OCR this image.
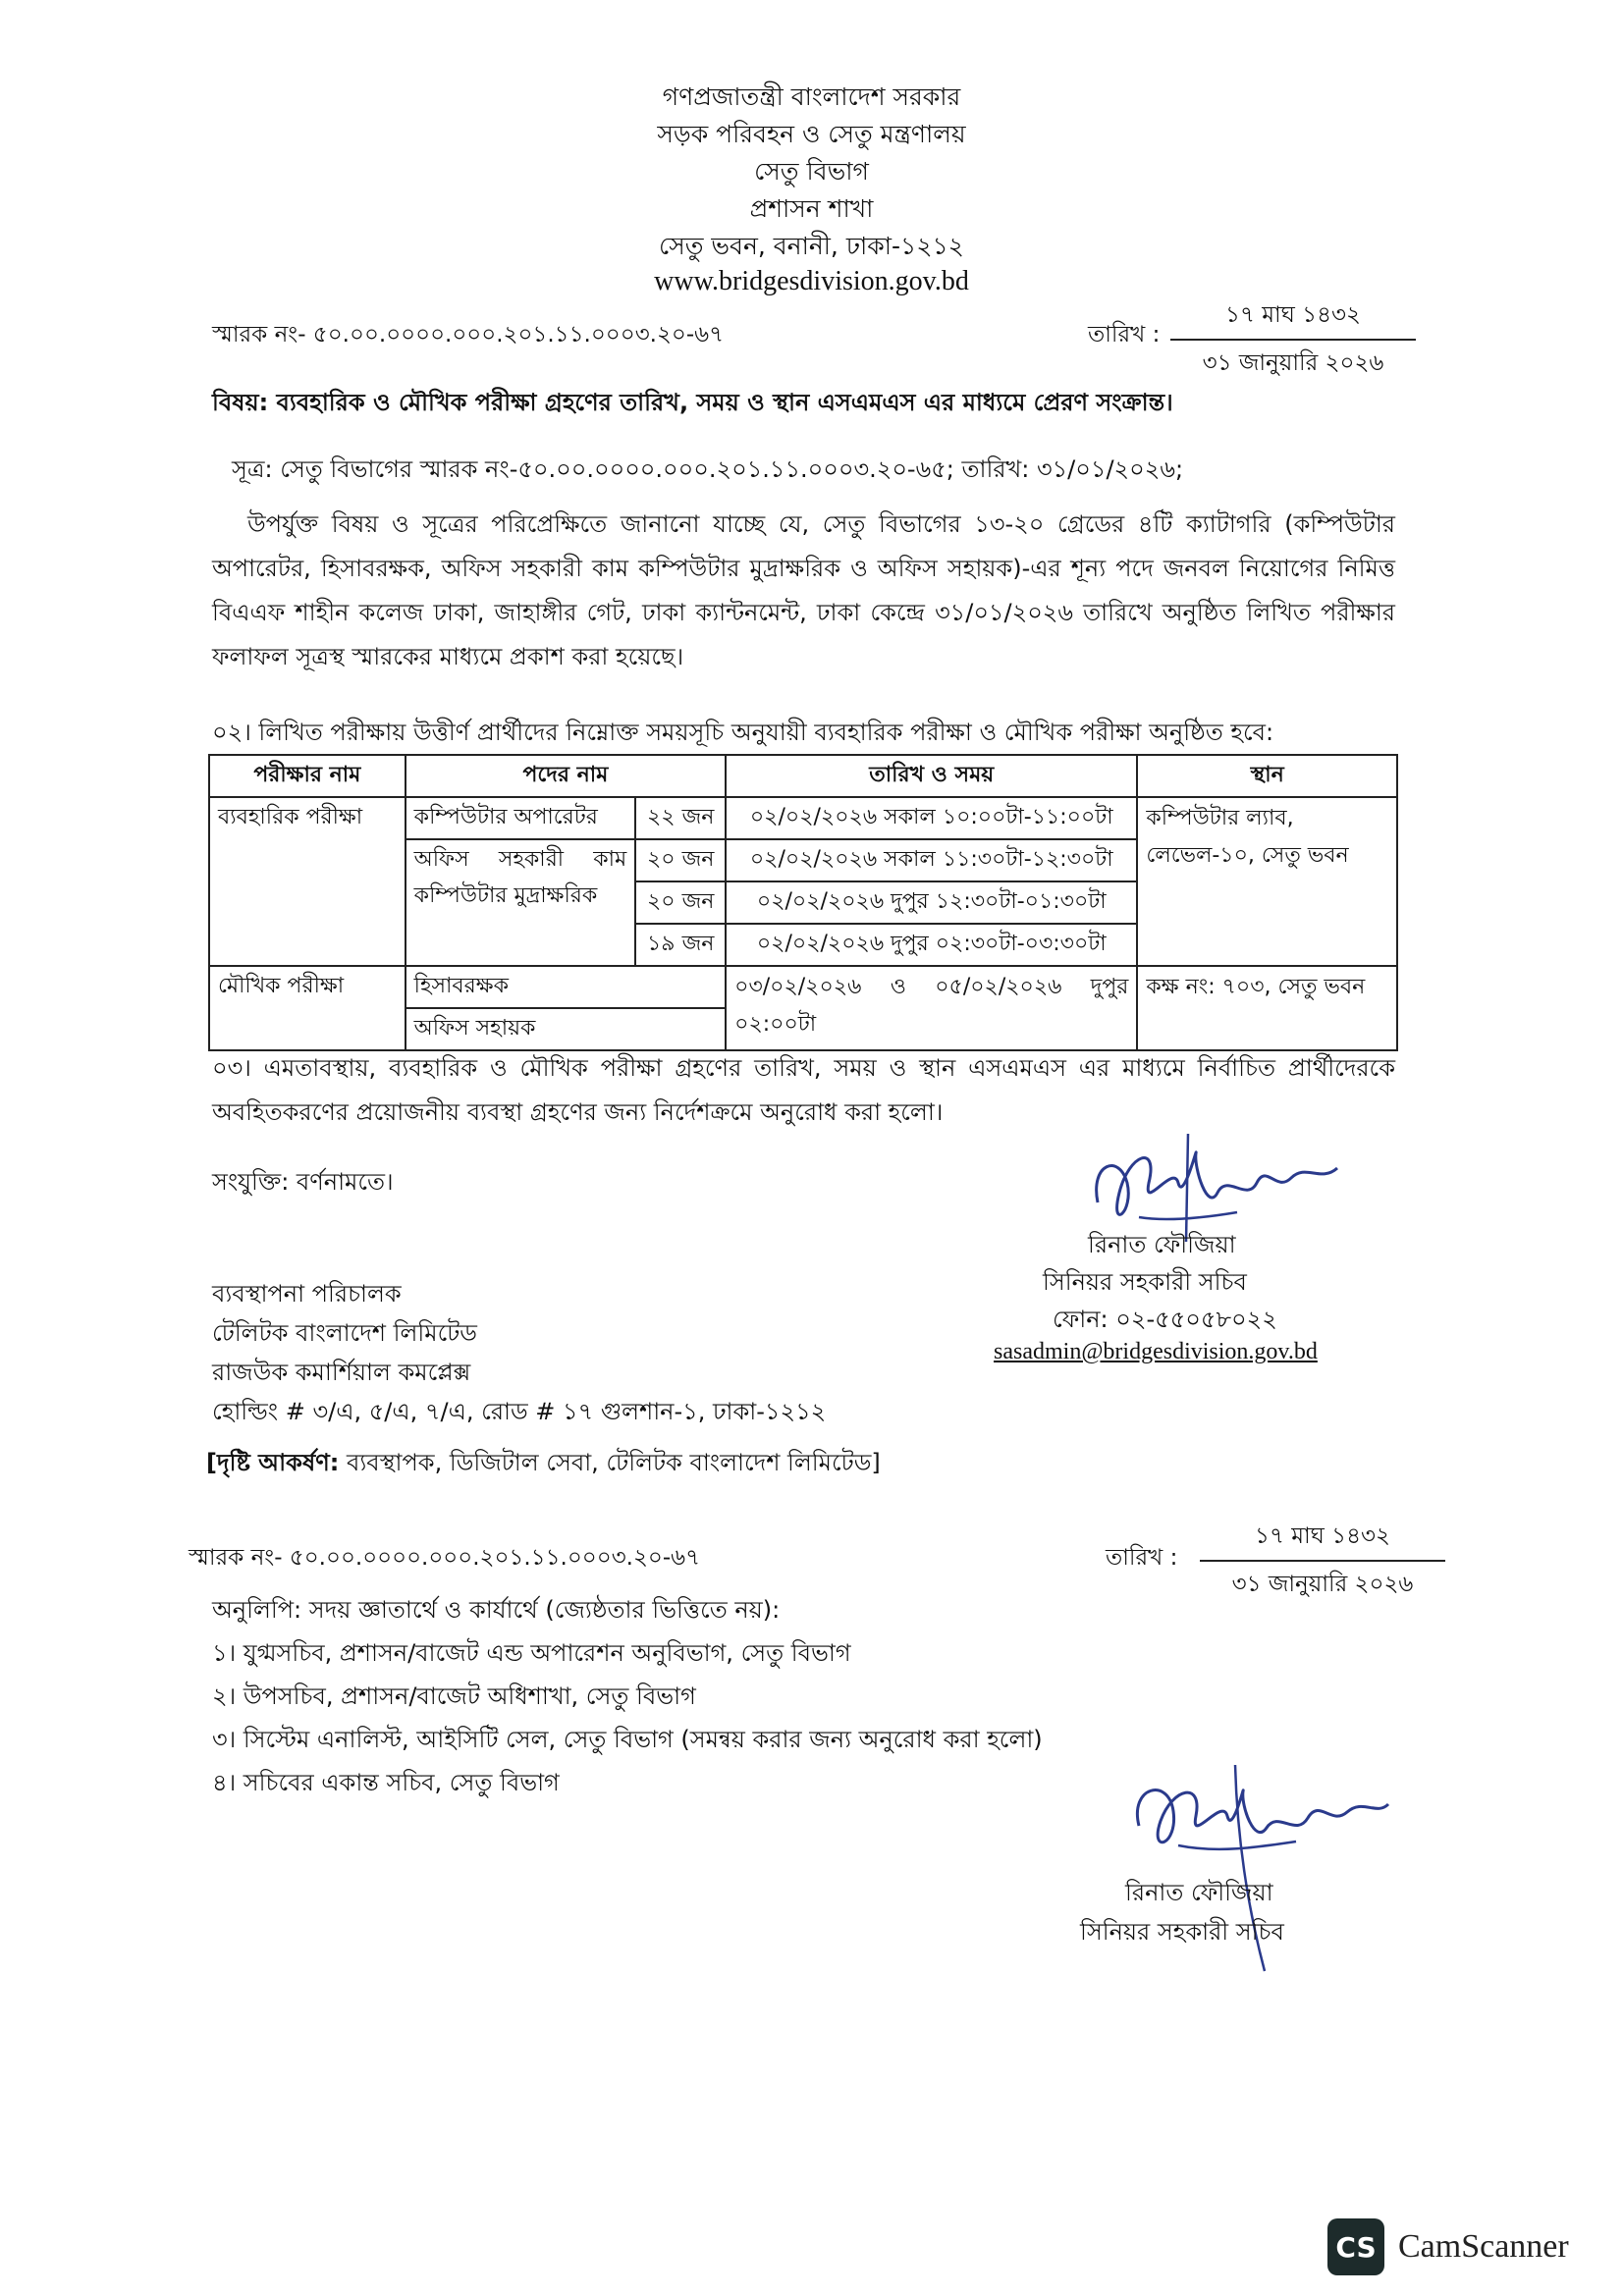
গণপ্রজাতন্ত্রী বাংলাদেশ সরকার
সড়ক পরিবহন ও সেতু মন্ত্রণালয়
সেতু বিভাগ
প্রশাসন শাখা
সেতু ভবন, বনানী, ঢাকা-১২১২
www.bridgesdivision.gov.bd
স্মারক নং- ৫০.০০.০০০০.০০০.২০১.১১.০০০৩.২০-৬৭	তারিখ :
১৭ মাঘ ১৪৩২
৩১ জানুয়ারি ২০২৬
বিষয়: ব্যবহারিক ও মৌখিক পরীক্ষা গ্রহণের তারিখ, সময় ও স্থান এসএমএস এর মাধ্যমে প্রেরণ সংক্রান্ত।
সূত্র: সেতু বিভাগের স্মারক নং-৫০.০০.০০০০.০০০.২০১.১১.০০০৩.২০-৬৫; তারিখ: ৩১/০১/২০২৬;
উপর্যুক্ত বিষয় ও সূত্রের পরিপ্রেক্ষিতে জানানো যাচ্ছে যে, সেতু বিভাগের ১৩-২০ গ্রেডের ৪টি ক্যাটাগরি (কম্পিউটার অপারেটর, হিসাবরক্ষক, অফিস সহকারী কাম কম্পিউটার মুদ্রাক্ষরিক ও অফিস সহায়ক)-এর শূন্য পদে জনবল নিয়োগের নিমিত্ত বিএএফ শাহীন কলেজ ঢাকা, জাহাঙ্গীর গেট, ঢাকা ক্যান্টনমেন্ট, ঢাকা কেন্দ্রে ৩১/০১/২০২৬ তারিখে অনুষ্ঠিত লিখিত পরীক্ষার ফলাফল সূত্রস্থ স্মারকের মাধ্যমে প্রকাশ করা হয়েছে।
০২। লিখিত পরীক্ষায় উত্তীর্ণ প্রার্থীদের নিম্নোক্ত সময়সূচি অনুযায়ী ব্যবহারিক পরীক্ষা ও মৌখিক পরীক্ষা অনুষ্ঠিত হবে:
পরীক্ষার নাম	পদের নাম		তারিখ ও সময়	স্থান
ব্যবহারিক পরীক্ষা	কম্পিউটার অপারেটর	২২ জন	০২/০২/২০২৬ সকাল ১০:০০টা-১১:০০টা	কম্পিউটার ল্যাব, লেভেল-১০, সেতু ভবন
	অফিস সহকারী কাম কম্পিউটার মুদ্রাক্ষরিক	২০ জন	০২/০২/২০২৬ সকাল ১১:৩০টা-১২:৩০টা	
		২০ জন	০২/০২/২০২৬ দুপুর ১২:৩০টা-০১:৩০টা	
		১৯ জন	০২/০২/২০২৬ দুপুর ০২:৩০টা-০৩:৩০টা	
মৌখিক পরীক্ষা	হিসাবরক্ষক		০৩/০২/২০২৬ ও ০৫/০২/২০২৬ দুপুর ০২:০০টা	কক্ষ নং: ৭০৩, সেতু ভবন
	অফিস সহায়ক			
০৩। এমতাবস্থায়, ব্যবহারিক ও মৌখিক পরীক্ষা গ্রহণের তারিখ, সময় ও স্থান এসএমএস এর মাধ্যমে নির্বাচিত প্রার্থীদেরকে অবহিতকরণের প্রয়োজনীয় ব্যবস্থা গ্রহণের জন্য নির্দেশক্রমে অনুরোধ করা হলো।
সংযুক্তি: বর্ণনামতে।
রিনাত ফৌজিয়া
সিনিয়র সহকারী সচিব
ফোন: ০২-৫৫০৫৮০২২
sasadmin@bridgesdivision.gov.bd
ব্যবস্থাপনা পরিচালক
টেলিটক বাংলাদেশ লিমিটেড
রাজউক কমার্শিয়াল কমপ্লেক্স
হোল্ডিং # ৩/এ, ৫/এ, ৭/এ, রোড # ১৭ গুলশান-১, ঢাকা-১২১২
[দৃষ্টি আকর্ষণ: ব্যবস্থাপক, ডিজিটাল সেবা, টেলিটক বাংলাদেশ লিমিটেড]
স্মারক নং- ৫০.০০.০০০০.০০০.২০১.১১.০০০৩.২০-৬৭	তারিখ :
১৭ মাঘ ১৪৩২
৩১ জানুয়ারি ২০২৬
অনুলিপি: সদয় জ্ঞাতার্থে ও কার্যার্থে (জ্যেষ্ঠতার ভিত্তিতে নয়):
১। যুগ্মসচিব, প্রশাসন/বাজেট এন্ড অপারেশন অনুবিভাগ, সেতু বিভাগ
২। উপসচিব, প্রশাসন/বাজেট অধিশাখা, সেতু বিভাগ
৩। সিস্টেম এনালিস্ট, আইসিটি সেল, সেতু বিভাগ (সমন্বয় করার জন্য অনুরোধ করা হলো)
৪। সচিবের একান্ত সচিব, সেতু বিভাগ
রিনাত ফৌজিয়া
সিনিয়র সহকারী সচিব
CS CamScanner
